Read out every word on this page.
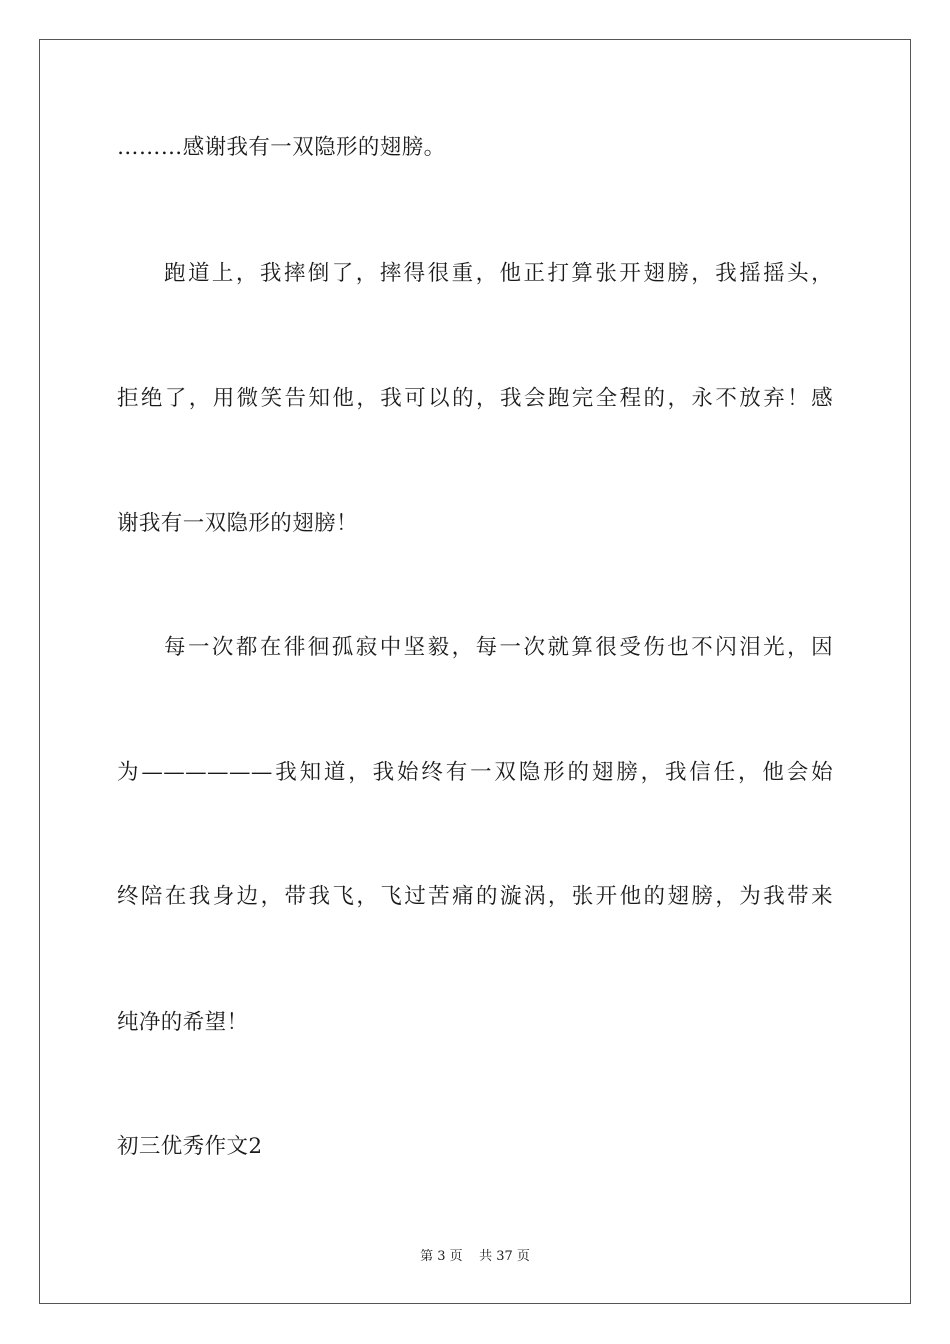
………感谢我有一双隐形的翅膀。
跑道上，我摔倒了，摔得很重，他正打算张开翅膀，我摇摇头，
拒绝了，用微笑告知他，我可以的，我会跑完全程的，永不放弃！感
谢我有一双隐形的翅膀！
每一次都在徘徊孤寂中坚毅，每一次就算很受伤也不闪泪光，因
为——————我知道，我始终有一双隐形的翅膀，我信任，他会始
终陪在我身边，带我飞，飞过苦痛的漩涡，张开他的翅膀，为我带来
纯净的希望！
初三优秀作文2
第 3 页    共 37 页
